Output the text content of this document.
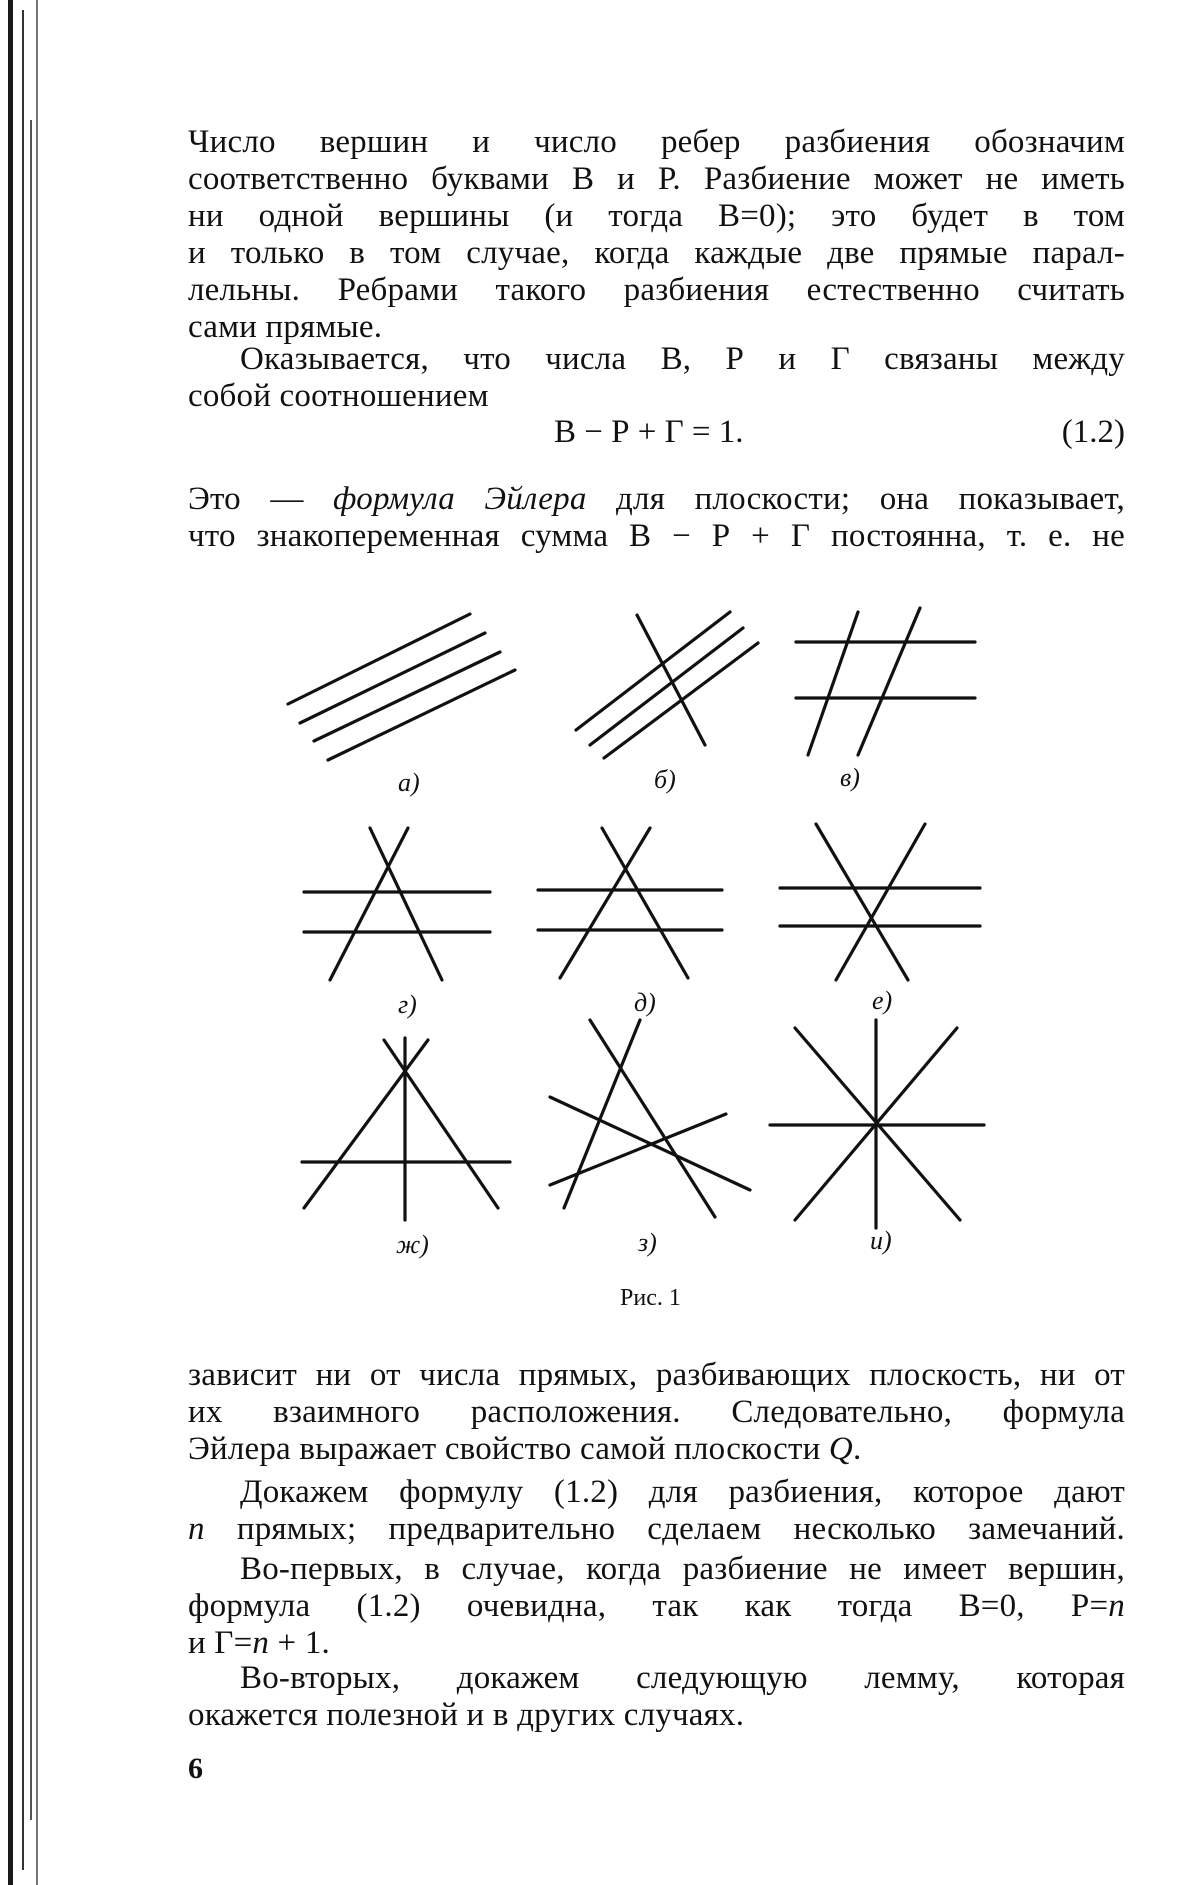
Число вершин и число ребер разбиения обозначим
соответственно буквами В и Р. Разбиение может не иметь
ни одной вершины (и тогда В=0); это будет в том
и только в том случае, когда каждые две прямые парал-
лельны. Ребрами такого разбиения естественно считать
сами прямые.
Оказывается, что числа В, Р и Г связаны между
собой соотношением
В − Р + Г = 1.	(1.2)
Это — формула Эйлера для плоскости; она показывает,
что знакопеременная сумма В − Р + Г постоянна, т. е. не
а)	б)	в)
г)	д)	е)
ж)	з)	и)
Рис. 1
зависит ни от числа прямых, разбивающих плоскость, ни от
их взаимного расположения. Следовательно, формула
Эйлера выражает свойство самой плоскости Q.
Докажем формулу (1.2) для разбиения, которое дают
n прямых; предварительно сделаем несколько замечаний.
Во-первых, в случае, когда разбиение не имеет вершин,
формула (1.2) очевидна, так как тогда В=0, Р=n
и Г=n + 1.
Во-вторых, докажем следующую лемму, которая
окажется полезной и в других случаях.
6
